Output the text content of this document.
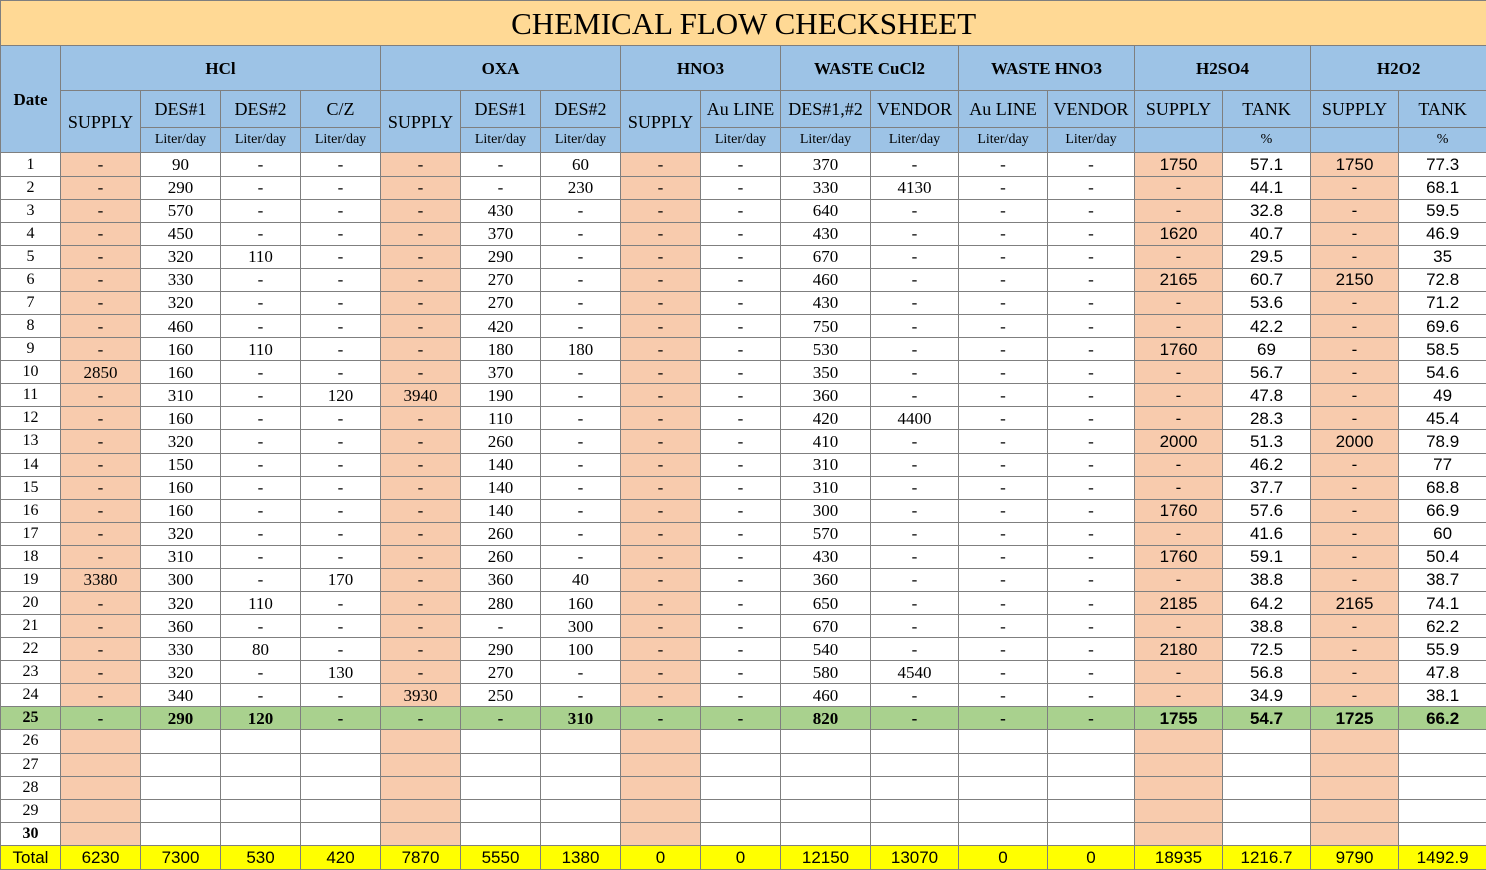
CHEMICAL FLOW CHECKSHEET																	
Date	HCl				OXA			HNO3		WASTE CuCl2		WASTE HNO3		H2SO4		H2O2	
	SUPPLY	DES#1	DES#2	C/Z	SUPPLY	DES#1	DES#2	SUPPLY	Au LINE	DES#1,#2	VENDOR	Au LINE	VENDOR	SUPPLY	TANK	SUPPLY	TANK
		Liter/day	Liter/day	Liter/day		Liter/day	Liter/day		Liter/day	Liter/day	Liter/day	Liter/day	Liter/day		%		%
1	-	90	-	-	-	-	60	-	-	370	-	-	-	1750	57.1	1750	77.3
2	-	290	-	-	-	-	230	-	-	330	4130	-	-	-	44.1	-	68.1
3	-	570	-	-	-	430	-	-	-	640	-	-	-	-	32.8	-	59.5
4	-	450	-	-	-	370	-	-	-	430	-	-	-	1620	40.7	-	46.9
5	-	320	110	-	-	290	-	-	-	670	-	-	-	-	29.5	-	35
6	-	330	-	-	-	270	-	-	-	460	-	-	-	2165	60.7	2150	72.8
7	-	320	-	-	-	270	-	-	-	430	-	-	-	-	53.6	-	71.2
8	-	460	-	-	-	420	-	-	-	750	-	-	-	-	42.2	-	69.6
9	-	160	110	-	-	180	180	-	-	530	-	-	-	1760	69	-	58.5
10	2850	160	-	-	-	370	-	-	-	350	-	-	-	-	56.7	-	54.6
11	-	310	-	120	3940	190	-	-	-	360	-	-	-	-	47.8	-	49
12	-	160	-	-	-	110	-	-	-	420	4400	-	-	-	28.3	-	45.4
13	-	320	-	-	-	260	-	-	-	410	-	-	-	2000	51.3	2000	78.9
14	-	150	-	-	-	140	-	-	-	310	-	-	-	-	46.2	-	77
15	-	160	-	-	-	140	-	-	-	310	-	-	-	-	37.7	-	68.8
16	-	160	-	-	-	140	-	-	-	300	-	-	-	1760	57.6	-	66.9
17	-	320	-	-	-	260	-	-	-	570	-	-	-	-	41.6	-	60
18	-	310	-	-	-	260	-	-	-	430	-	-	-	1760	59.1	-	50.4
19	3380	300	-	170	-	360	40	-	-	360	-	-	-	-	38.8	-	38.7
20	-	320	110	-	-	280	160	-	-	650	-	-	-	2185	64.2	2165	74.1
21	-	360	-	-	-	-	300	-	-	670	-	-	-	-	38.8	-	62.2
22	-	330	80	-	-	290	100	-	-	540	-	-	-	2180	72.5	-	55.9
23	-	320	-	130	-	270	-	-	-	580	4540	-	-	-	56.8	-	47.8
24	-	340	-	-	3930	250	-	-	-	460	-	-	-	-	34.9	-	38.1
25	-	290	120	-	-	-	310	-	-	820	-	-	-	1755	54.7	1725	66.2
26																	
27																	
28																	
29																	
30																	
Total	6230	7300	530	420	7870	5550	1380	0	0	12150	13070	0	0	18935	1216.7	9790	1492.9
